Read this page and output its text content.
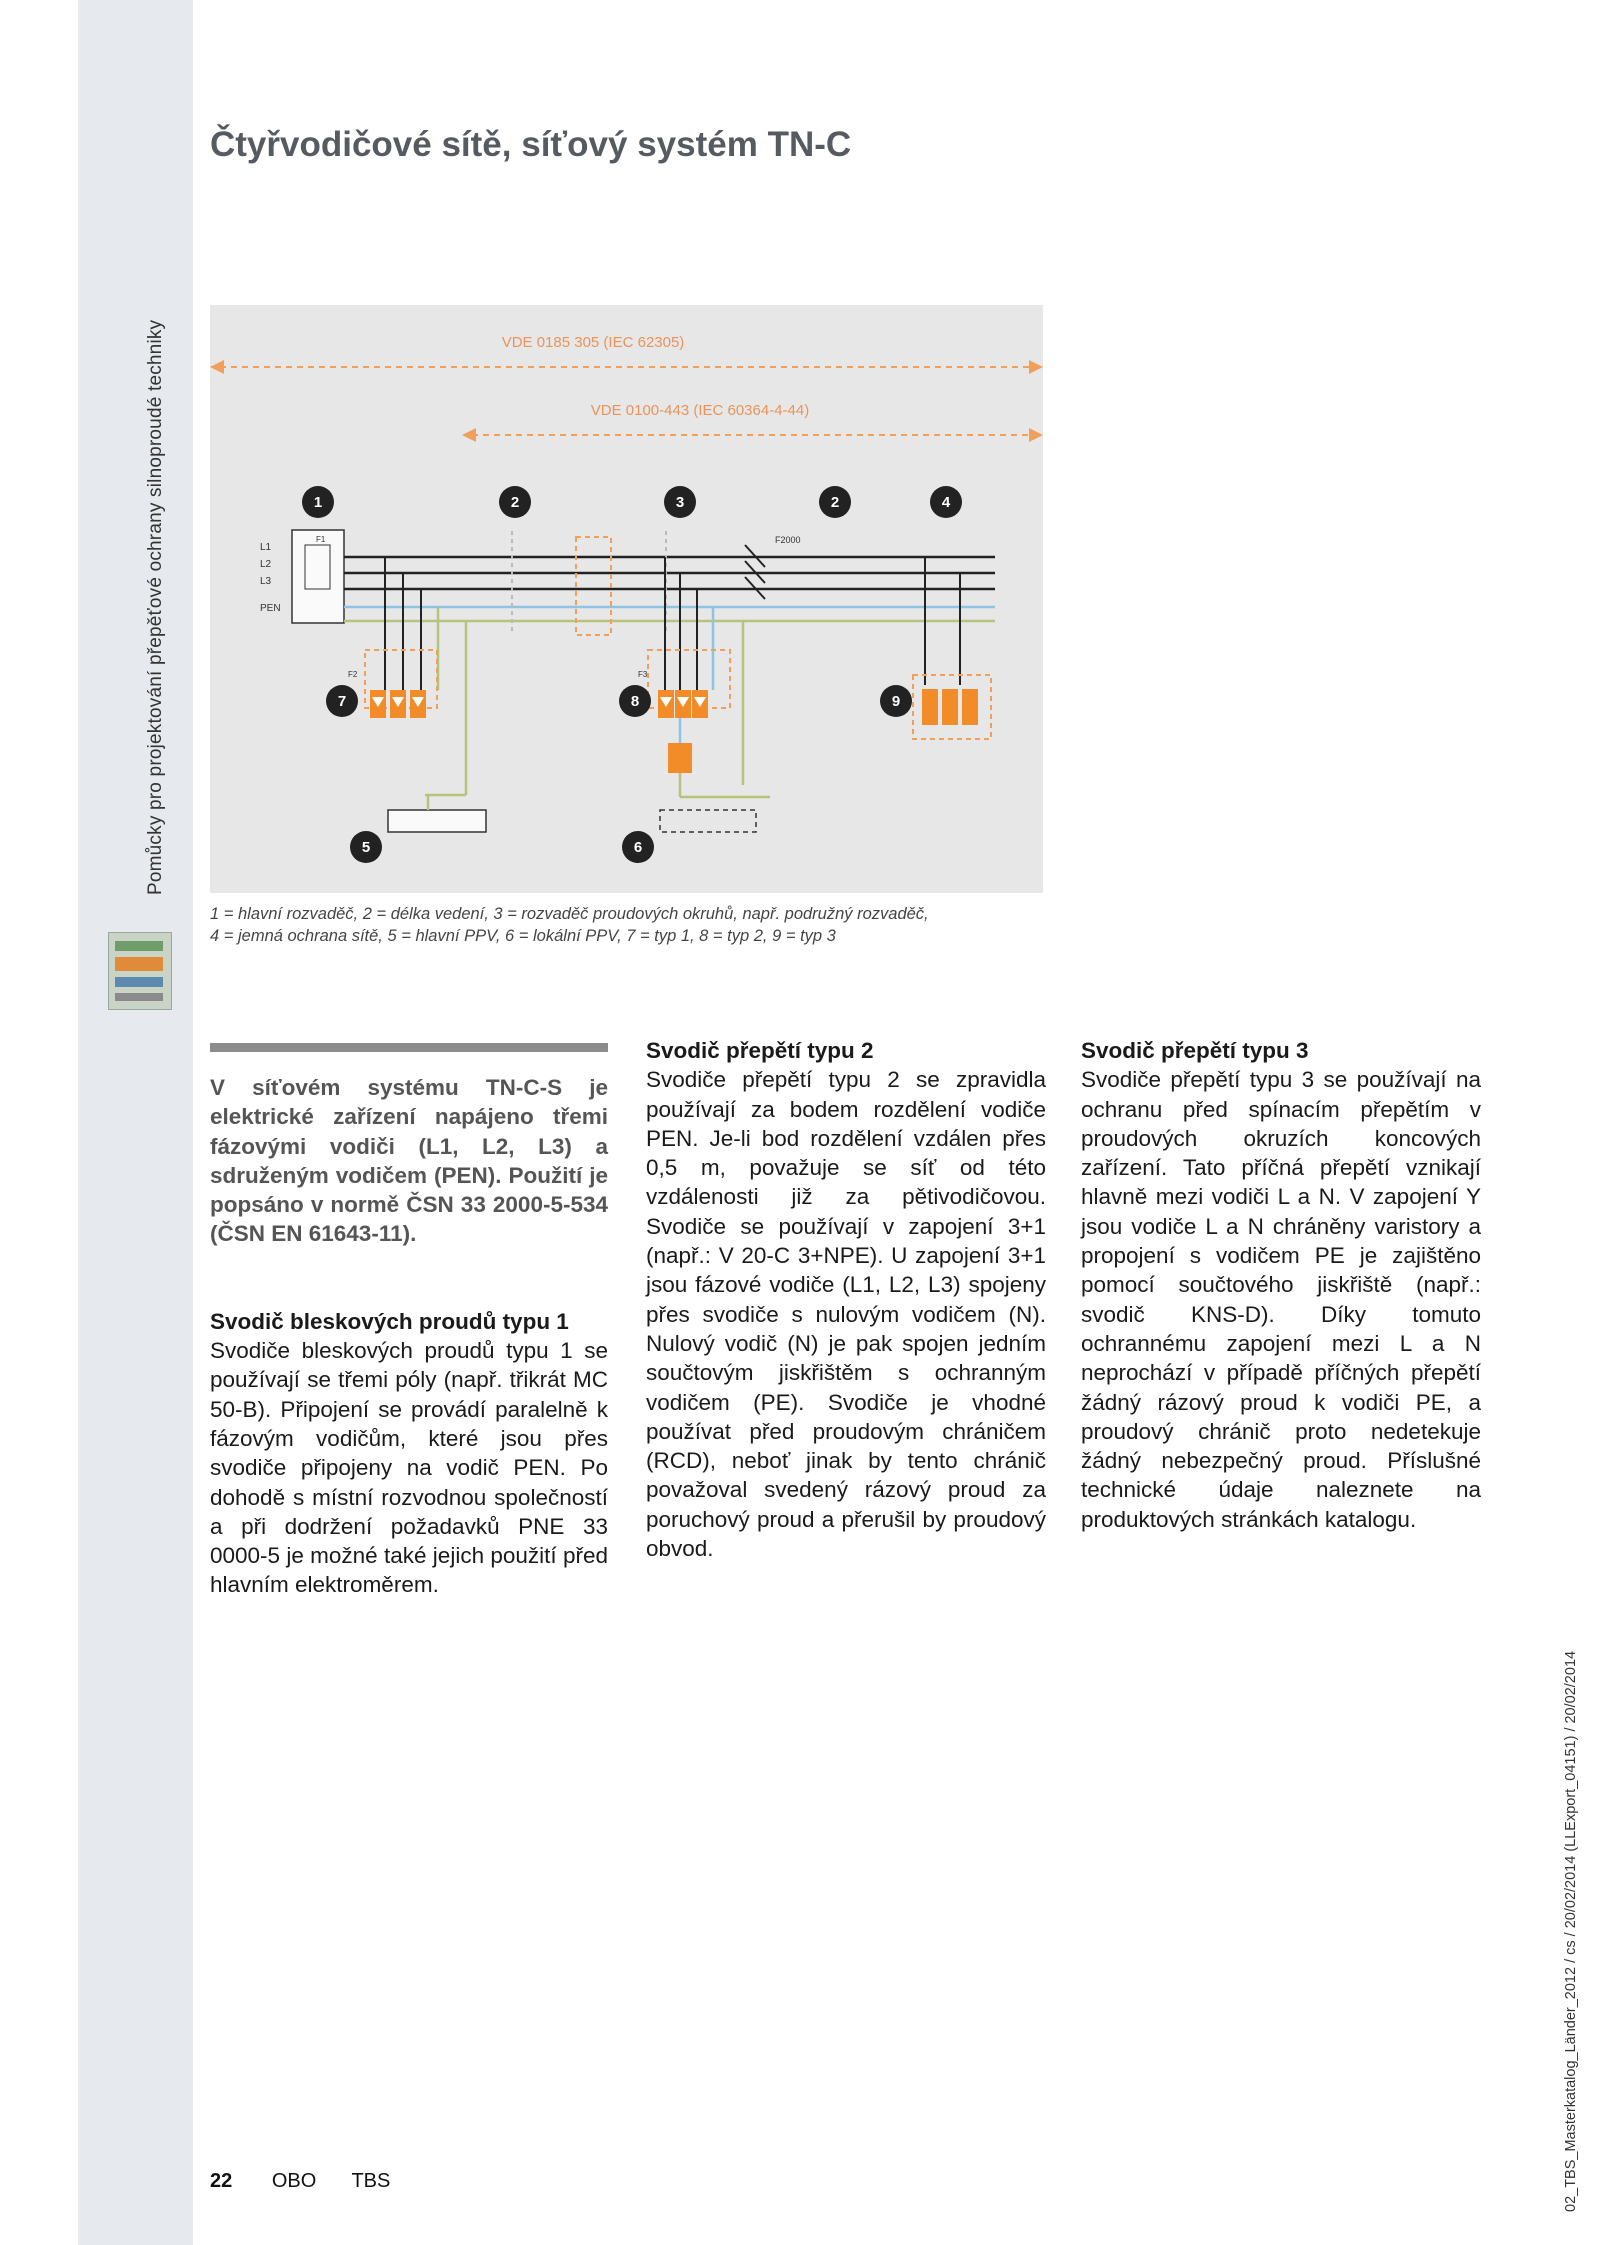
Pomůcky pro projektování přepěťové ochrany silnoproudé techniky
Čtyřvodičové sítě, síťový systém TN-C
VDE 0185 305 (IEC 62305)
VDE 0100-443 (IEC 60364-4-44)
F1
L1
L2
L3
PEN
F2000
F2	F3
1	2	3	2	4
7	8	9
5	6

1 = hlavní rozvaděč, 2 = délka vedení, 3 = rozvaděč proudových okruhů, např. podružný rozvaděč,
4 = jemná ochrana sítě, 5 = hlavní PPV, 6 = lokální PPV, 7 = typ 1, 8 = typ 2, 9 = typ 3

V síťovém systému TN-C-S je elektrické zařízení napájeno třemi fázovými vodiči (L1, L2, L3) a sdruženým vodičem (PEN). Použití je popsáno v normě ČSN 33 2000-5-534 (ČSN EN 61643-11).

Svodič bleskových proudů typu 1

Svodiče bleskových proudů typu 1 se používají se třemi póly (např. třikrát MC 50-B). Připojení se provádí paralelně k fázovým vodičům, které jsou přes svodiče připojeny na vodič PEN. Po dohodě s místní rozvodnou společností a při dodržení požadavků PNE 33 0000-5 je možné také jejich použití před hlavním elektroměrem.

Svodič přepětí typu 2

Svodiče přepětí typu 2 se zpravidla používají za bodem rozdělení vodiče PEN. Je-li bod rozdělení vzdálen přes 0,5 m, považuje se síť od této vzdálenosti již za pětivodičovou. Svodiče se používají v zapojení 3+1 (např.: V 20-C 3+NPE). U zapojení 3+1 jsou fázové vodiče (L1, L2, L3) spojeny přes svodiče s nulovým vodičem (N). Nulový vodič (N) je pak spojen jedním součtovým jiskřištěm s ochranným vodičem (PE). Svodiče je vhodné používat před proudovým chráničem (RCD), neboť jinak by tento chránič považoval svedený rázový proud za poruchový proud a přerušil by proudový obvod.

Svodič přepětí typu 3

Svodiče přepětí typu 3 se používají na ochranu před spínacím přepětím v proudových okruzích koncových zařízení. Tato příčná přepětí vznikají hlavně mezi vodiči L a N. V zapojení Y jsou vodiče L a N chráněny varistory a propojení s vodičem PE je zajištěno pomocí součtového jiskřiště (např.: svodič KNS-D). Díky tomuto ochrannému zapojení mezi L a N neprochází v případě příčných přepětí žádný rázový proud k vodiči PE, a proudový chránič proto nedetekuje žádný nebezpečný proud. Příslušné technické údaje naleznete na produktových stránkách katalogu.

22 OBO TBS	02_TBS_Masterkatalog_Länder_2012 / cs / 20/02/2014 (LLExport_04151) / 20/02/2014
